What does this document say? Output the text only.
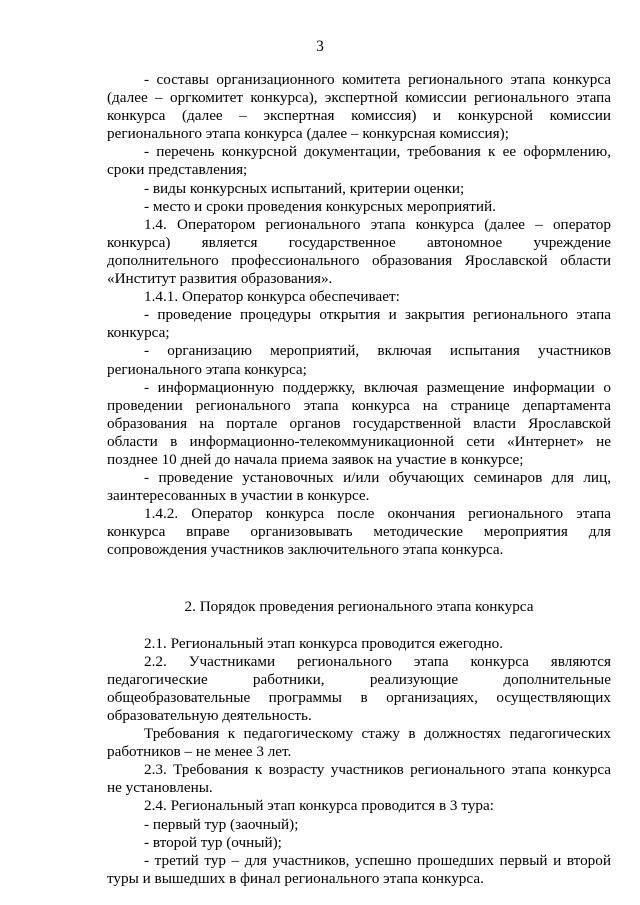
3

- составы организационного комитета регионального этапа конкурса (далее – оргкомитет конкурса), экспертной комиссии регионального этапа конкурса (далее – экспертная комиссия) и конкурсной комиссии регионального этапа конкурса (далее – конкурсная комиссия);

- перечень конкурсной документации, требования к ее оформлению, сроки представления;

- виды конкурсных испытаний, критерии оценки;

- место и сроки проведения конкурсных мероприятий.

1.4. Оператором регионального этапа конкурса (далее – оператор конкурса) является государственное автономное учреждение дополнительного профессионального образования Ярославской области «Институт развития образования».

1.4.1. Оператор конкурса обеспечивает:

- проведение процедуры открытия и закрытия регионального этапа конкурса;

- организацию мероприятий, включая испытания участников регионального этапа конкурса;

- информационную поддержку, включая размещение информации о проведении регионального этапа конкурса на странице департамента образования на портале органов государственной власти Ярославской области в информационно-телекоммуникационной сети «Интернет» не позднее 10 дней до начала приема заявок на участие в конкурсе;

- проведение установочных и/или обучающих семинаров для лиц, заинтересованных в участии в конкурсе.

1.4.2. Оператор конкурса после окончания регионального этапа конкурса вправе организовывать методические мероприятия для сопровождения участников заключительного этапа конкурса.

2. Порядок проведения регионального этапа конкурса

2.1. Региональный этап конкурса проводится ежегодно.

2.2. Участниками регионального этапа конкурса являются педагогические работники, реализующие дополнительные общеобразовательные программы в организациях, осуществляющих образовательную деятельность.

Требования к педагогическому стажу в должностях педагогических работников – не менее 3 лет.

2.3. Требования к возрасту участников регионального этапа конкурса не установлены.

2.4. Региональный этап конкурса проводится в 3 тура:

- первый тур (заочный);

- второй тур (очный);

- третий тур – для участников, успешно прошедших первый и второй туры и вышедших в финал регионального этапа конкурса.
